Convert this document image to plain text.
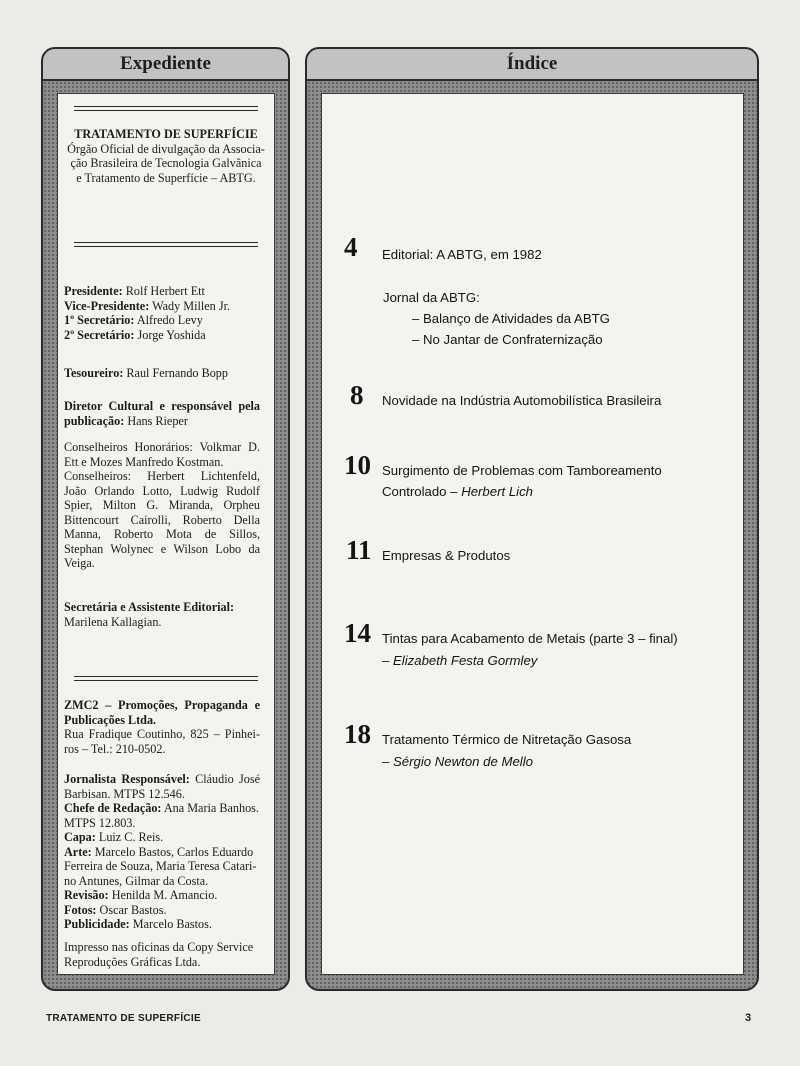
Expediente

TRATAMENTO DE SUPERFÍCIE

Órgão Oficial de divulgação da Associa-

ção Brasileira de Tecnologia Galvânica

e Tratamento de Superfície – ABTG.

Presidente: Rolf Herbert Ett

Vice-Presidente: Wady Millen Jr.

1º Secretário: Alfredo Levy

2º Secretário: Jorge Yoshida

Tesoureiro: Raul Fernando Bopp

Diretor Cultural e responsável pela

publicação: Hans Rieper

Conselheiros Honorários: Volkmar D.

Ett e Mozes Manfredo Kostman.

Conselheiros: Herbert Lichtenfeld,

João Orlando Lotto, Ludwig Rudolf

Spier, Milton G. Miranda, Orpheu

Bittencourt Cairolli, Roberto Della

Manna, Roberto Mota de Sillos,

Stephan Wolynec e Wilson Lobo da

Veiga.

Secretária e Assistente Editorial:

Marilena Kallagian.

ZMC2 – Promoções, Propaganda e

Publicações Ltda.

Rua Fradique Coutinho, 825 – Pinhei-

ros – Tel.: 210-0502.

Jornalista Responsável: Cláudio José

Barbisan. MTPS 12.546.

Chefe de Redação: Ana Maria Banhos.

MTPS 12.803.

Capa: Luiz C. Reis.

Arte: Marcelo Bastos, Carlos Eduardo

Ferreira de Souza, Maria Teresa Catari-

no Antunes, Gilmar da Costa.

Revisão: Henilda M. Amancio.

Fotos: Oscar Bastos.

Publicidade: Marcelo Bastos.

Impresso nas oficinas da Copy Service

Reproduções Gráficas Ltda.

Índice
4 Editorial: A ABTG, em 1982
Jornal da ABTG:
– Balanço de Atividades da ABTG
– No Jantar de Confraternização
8 Novidade na Indústria Automobilística Brasileira
10 Surgimento de Problemas com Tamboreamento
Controlado – Herbert Lich
11 Empresas & Produtos
14 Tintas para Acabamento de Metais (parte 3 – final)
– Elizabeth Festa Gormley
18 Tratamento Térmico de Nitretação Gasosa
– Sérgio Newton de Mello
TRATAMENTO DE SUPERFÍCIE	3
